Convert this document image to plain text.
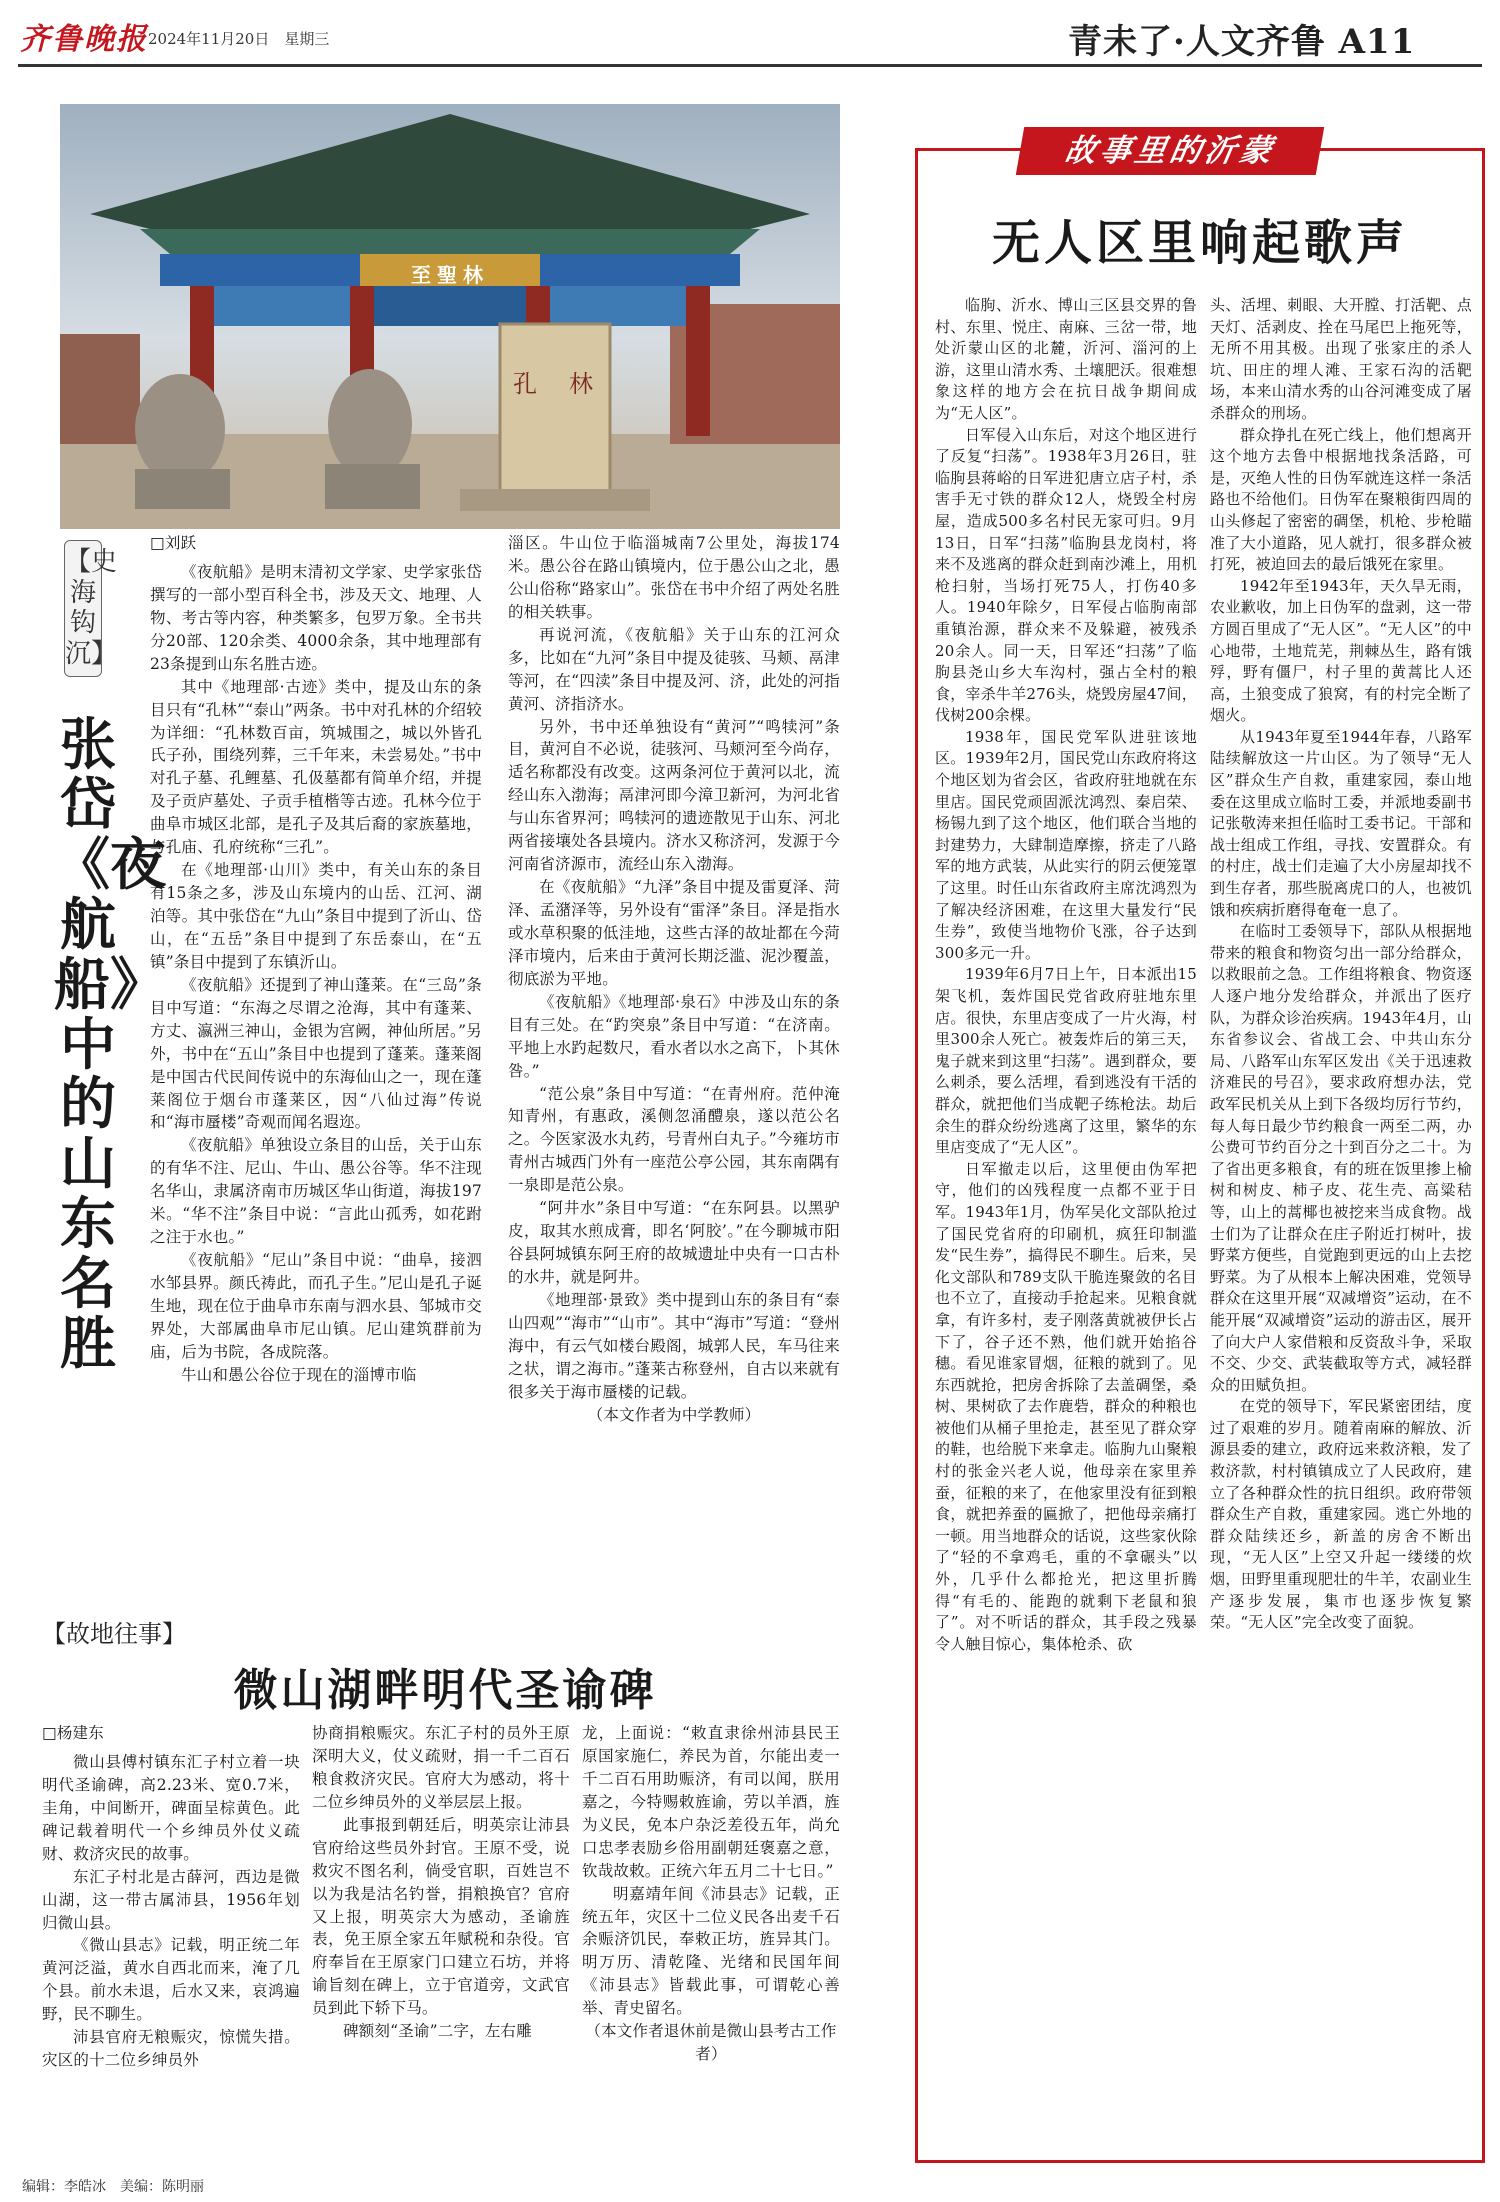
齐鲁晚报 2024年11月20日　星期三	青未了·人文齐鲁 A11
至聖林
孔　林
【史海钩沉】
张岱《夜航船》中的山东名胜

□刘跃

《夜航船》是明末清初文学家、史学家张岱撰写的一部小型百科全书，涉及天文、地理、人物、考古等内容，种类繁多，包罗万象。全书共分20部、120余类、4000余条，其中地理部有23条提到山东名胜古迹。

其中《地理部·古迹》类中，提及山东的条目只有“孔林”“泰山”两条。书中对孔林的介绍较为详细：“孔林数百亩，筑城围之，城以外皆孔氏子孙，围绕列葬，三千年来，未尝易处。”书中对孔子墓、孔鲤墓、孔伋墓都有简单介绍，并提及子贡庐墓处、子贡手植楷等古迹。孔林今位于曲阜市城区北部，是孔子及其后裔的家族墓地，与孔庙、孔府统称“三孔”。

在《地理部·山川》类中，有关山东的条目有15条之多，涉及山东境内的山岳、江河、湖泊等。其中张岱在“九山”条目中提到了沂山、岱山，在“五岳”条目中提到了东岳泰山，在“五镇”条目中提到了东镇沂山。

《夜航船》还提到了神山蓬莱。在“三岛”条目中写道：“东海之尽谓之沧海，其中有蓬莱、方丈、瀛洲三神山，金银为宫阙，神仙所居。”另外，书中在“五山”条目中也提到了蓬莱。蓬莱阁是中国古代民间传说中的东海仙山之一，现在蓬莱阁位于烟台市蓬莱区，因“八仙过海”传说和“海市蜃楼”奇观而闻名遐迩。

《夜航船》单独设立条目的山岳，关于山东的有华不注、尼山、牛山、愚公谷等。华不注现名华山，隶属济南市历城区华山街道，海拔197米。“华不注”条目中说：“言此山孤秀，如花跗之注于水也。”

《夜航船》“尼山”条目中说：“曲阜，接泗水邹县界。颜氏祷此，而孔子生。”尼山是孔子诞生地，现在位于曲阜市东南与泗水县、邹城市交界处，大部属曲阜市尼山镇。尼山建筑群前为庙，后为书院，各成院落。

牛山和愚公谷位于现在的淄博市临

淄区。牛山位于临淄城南7公里处，海拔174米。愚公谷在路山镇境内，位于愚公山之北，愚公山俗称“路家山”。张岱在书中介绍了两处名胜的相关轶事。

再说河流，《夜航船》关于山东的江河众多，比如在“九河”条目中提及徒骇、马颊、鬲津等河，在“四渎”条目中提及河、济，此处的河指黄河、济指济水。

另外，书中还单独设有“黄河”“鸣犊河”条目，黄河自不必说，徒骇河、马颊河至今尚存，适名称都没有改变。这两条河位于黄河以北，流经山东入渤海；鬲津河即今漳卫新河，为河北省与山东省界河；鸣犊河的遗迹散见于山东、河北两省接壤处各县境内。济水又称济河，发源于今河南省济源市，流经山东入渤海。

在《夜航船》“九泽”条目中提及雷夏泽、菏泽、孟潴泽等，另外设有“雷泽”条目。泽是指水或水草积聚的低洼地，这些古泽的故址都在今菏泽市境内，后来由于黄河长期泛滥、泥沙覆盖，彻底淤为平地。

《夜航船》《地理部·泉石》中涉及山东的条目有三处。在“趵突泉”条目中写道：“在济南。平地上水趵起数尺，看水者以水之高下，卜其休咎。”

“范公泉”条目中写道：“在青州府。范仲淹知青州，有惠政，溪侧忽涌醴泉，遂以范公名之。今医家汲水丸药，号青州白丸子。”今雍坊市青州古城西门外有一座范公亭公园，其东南隅有一泉即是范公泉。

“阿井水”条目中写道：“在东阿县。以黑驴皮，取其水煎成膏，即名‘阿胶’。”在今聊城市阳谷县阿城镇东阿王府的故城遗址中央有一口古朴的水井，就是阿井。

《地理部·景致》类中提到山东的条目有“泰山四观”“海市”“山市”。其中“海市”写道：“登州海中，有云气如楼台殿阁，城郭人民，车马往来之状，谓之海市。”蓬莱古称登州，自古以来就有很多关于海市蜃楼的记载。

（本文作者为中学教师）

【故地往事】
微山湖畔明代圣谕碑

□杨建东

微山县傅村镇东汇子村立着一块明代圣谕碑，高2.23米、宽0.7米，圭角，中间断开，碑面呈棕黄色。此碑记载着明代一个乡绅员外仗义疏财、救济灾民的故事。

东汇子村北是古薛河，西边是微山湖，这一带古属沛县，1956年划归微山县。

《微山县志》记载，明正统二年黄河泛溢，黄水自西北而来，淹了几个县。前水未退，后水又来，哀鸿遍野，民不聊生。

沛县官府无粮赈灾，惊慌失措。灾区的十二位乡绅员外

协商捐粮赈灾。东汇子村的员外王原深明大义，仗义疏财，捐一千二百石粮食救济灾民。官府大为感动，将十二位乡绅员外的义举层层上报。

此事报到朝廷后，明英宗让沛县官府给这些员外封官。王原不受，说救灾不图名利，倘受官职，百姓岂不以为我是沽名钓誉，捐粮换官？官府又上报，明英宗大为感动，圣谕旌表，免王原全家五年赋税和杂役。官府奉旨在王原家门口建立石坊，并将谕旨刻在碑上，立于官道旁，文武官员到此下轿下马。

碑额刻“圣谕”二字，左右雕

龙，上面说：“敕直隶徐州沛县民王原国家施仁，养民为首，尔能出麦一千二百石用助赈济，有司以闻，朕用嘉之，今特赐敕旌谕，劳以羊酒，旌为义民，免本户杂泛差役五年，尚允口忠孝表励乡俗用副朝廷褒嘉之意，钦哉故敕。正统六年五月二十七日。”

明嘉靖年间《沛县志》记载，正统五年，灾区十二位义民各出麦千石余赈济饥民，奉敕正坊，旌异其门。明万历、清乾隆、光绪和民国年间《沛县志》皆载此事，可谓乾心善举、青史留名。

（本文作者退休前是微山县考古工作者）

故事里的沂蒙
无人区里响起歌声

临朐、沂水、博山三区县交界的鲁村、东里、悦庄、南麻、三岔一带，地处沂蒙山区的北麓，沂河、淄河的上游，这里山清水秀、土壤肥沃。很难想象这样的地方会在抗日战争期间成为“无人区”。

日军侵入山东后，对这个地区进行了反复“扫荡”。1938年3月26日，驻临朐县蒋峪的日军进犯唐立店子村，杀害手无寸铁的群众12人，烧毁全村房屋，造成500多名村民无家可归。9月13日，日军“扫荡”临朐县龙岗村，将来不及逃离的群众赶到南沙滩上，用机枪扫射，当场打死75人，打伤40多人。1940年除夕，日军侵占临朐南部重镇治源，群众来不及躲避，被残杀20余人。同一天，日军还“扫荡”了临朐县尧山乡大车沟村，强占全村的粮食，宰杀牛羊276头，烧毁房屋47间，伐树200余棵。

1938年，国民党军队进驻该地区。1939年2月，国民党山东政府将这个地区划为省会区，省政府驻地就在东里店。国民党顽固派沈鸿烈、秦启荣、杨锡九到了这个地区，他们联合当地的封建势力，大肆制造摩擦，挤走了八路军的地方武装，从此实行的阴云便笼罩了这里。时任山东省政府主席沈鸿烈为了解决经济困难，在这里大量发行“民生券”，致使当地物价飞涨，谷子达到300多元一升。

1939年6月7日上午，日本派出15架飞机，轰炸国民党省政府驻地东里店。很快，东里店变成了一片火海，村里300余人死亡。被轰炸后的第三天，鬼子就来到这里“扫荡”。遇到群众，要么刺杀，要么活埋，看到逃没有干活的群众，就把他们当成靶子练枪法。劫后余生的群众纷纷逃离了这里，繁华的东里店变成了“无人区”。

日军撤走以后，这里便由伪军把守，他们的凶残程度一点都不亚于日军。1943年1月，伪军吴化文部队抢过了国民党省府的印刷机，疯狂印制滥发“民生券”，搞得民不聊生。后来，吴化文部队和789支队干脆连聚敛的名目也不立了，直接动手抢起来。见粮食就拿，有许多村，麦子刚落黄就被伊长占下了，谷子还不熟，他们就开始掐谷穗。看见谁家冒烟，征粮的就到了。见东西就抢，把房舍拆除了去盖碉堡，桑树、果树砍了去作鹿砦，群众的种粮也被他们从桶子里抢走，甚至见了群众穿的鞋，也给脱下来拿走。临朐九山聚粮村的张金兴老人说，他母亲在家里养蚕，征粮的来了，在他家里没有征到粮食，就把养蚕的匾掀了，把他母亲痛打一顿。用当地群众的话说，这些家伙除了“轻的不拿鸡毛，重的不拿碾头”以外，几乎什么都抢光，把这里折腾得“有毛的、能跑的就剩下老鼠和狼了”。对不听话的群众，其手段之残暴令人触目惊心，集体枪杀、砍

头、活埋、刺眼、大开膛、打活靶、点天灯、活剥皮、拴在马尾巴上拖死等，无所不用其极。出现了张家庄的杀人坑、田庄的埋人滩、王家石沟的活靶场，本来山清水秀的山谷河滩变成了屠杀群众的刑场。

群众挣扎在死亡线上，他们想离开这个地方去鲁中根据地找条活路，可是，灭绝人性的日伪军就连这样一条活路也不给他们。日伪军在聚粮街四周的山头修起了密密的碉堡，机枪、步枪瞄准了大小道路，见人就打，很多群众被打死，被迫回去的最后饿死在家里。

1942年至1943年，天久旱无雨，农业歉收，加上日伪军的盘剥，这一带方圆百里成了“无人区”。“无人区”的中心地带，土地荒芜，荆棘丛生，路有饿殍，野有僵尸，村子里的黄蒿比人还高，土狼变成了狼窝，有的村完全断了烟火。

从1943年夏至1944年春，八路军陆续解放这一片山区。为了领导“无人区”群众生产自救，重建家园，泰山地委在这里成立临时工委，并派地委副书记张敬涛来担任临时工委书记。干部和战士组成工作组，寻找、安置群众。有的村庄，战士们走遍了大小房屋却找不到生存者，那些脱离虎口的人，也被饥饿和疾病折磨得奄奄一息了。

在临时工委领导下，部队从根据地带来的粮食和物资匀出一部分给群众，以救眼前之急。工作组将粮食、物资逐人逐户地分发给群众，并派出了医疗队，为群众诊治疾病。1943年4月，山东省参议会、省战工会、中共山东分局、八路军山东军区发出《关于迅速救济难民的号召》，要求政府想办法，党政军民机关从上到下各级均厉行节约，每人每日最少节约粮食一两至二两，办公费可节约百分之十到百分之二十。为了省出更多粮食，有的班在饭里掺上榆树和树皮、柿子皮、花生壳、高粱秸等，山上的蒿椰也被挖来当成食物。战士们为了让群众在庄子附近打树叶，拔野菜方便些，自觉跑到更远的山上去挖野菜。为了从根本上解决困难，党领导群众在这里开展“双减增资”运动，在不能开展“双减增资”运动的游击区，展开了向大户人家借粮和反资敌斗争，采取不交、少交、武装截取等方式，减轻群众的田赋负担。

在党的领导下，军民紧密团结，度过了艰难的岁月。随着南麻的解放、沂源县委的建立，政府远来救济粮，发了救济款，村村镇镇成立了人民政府，建立了各种群众性的抗日组织。政府带领群众生产自救，重建家园。逃亡外地的群众陆续还乡，新盖的房舍不断出现，“无人区”上空又升起一缕缕的炊烟，田野里重现肥壮的牛羊，农副业生产逐步发展，集市也逐步恢复繁荣。“无人区”完全改变了面貌。

编辑：李皓冰　美编：陈明丽
